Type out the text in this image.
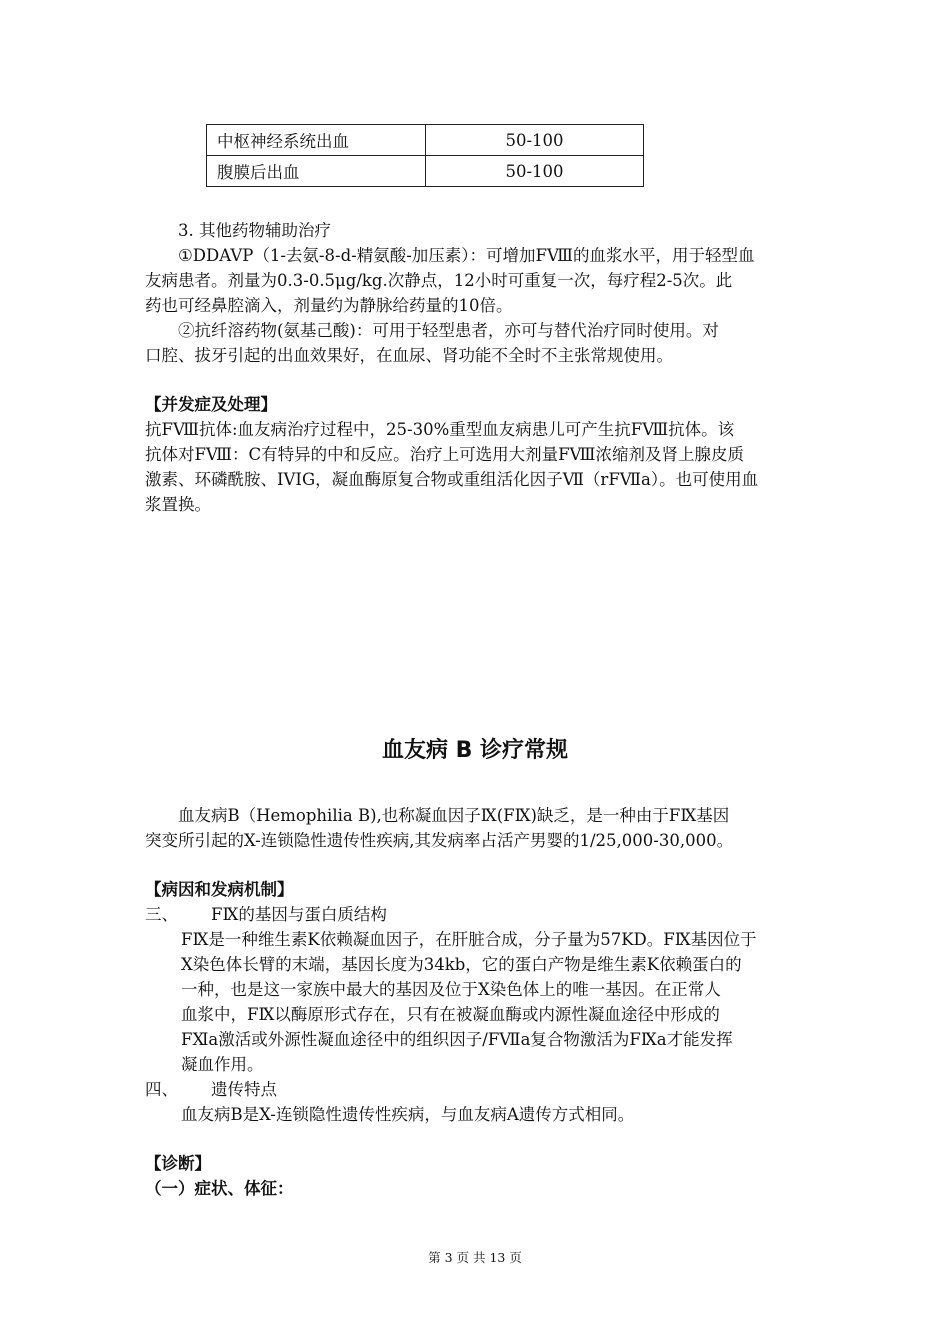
中枢神经系统出血	50-100
腹膜后出血	50-100

3. 其他药物辅助治疗

①DDAVP（1-去氨-8-d-精氨酸-加压素）：可增加FⅧ的血浆水平，用于轻型血

友病患者。剂量为0.3-0.5μg/kg.次静点，12小时可重复一次，每疗程2-5次。此

药也可经鼻腔滴入，剂量约为静脉给药量的10倍。

②抗纤溶药物(氨基己酸)：可用于轻型患者，亦可与替代治疗同时使用。对

口腔、拔牙引起的出血效果好，在血尿、肾功能不全时不主张常规使用。

【并发症及处理】

抗FⅧ抗体:血友病治疗过程中，25-30%重型血友病患儿可产生抗FⅧ抗体。该

抗体对FⅧ：C有特异的中和反应。治疗上可选用大剂量FⅧ浓缩剂及肾上腺皮质

激素、环磷酰胺、IVIG，凝血酶原复合物或重组活化因子Ⅶ（rFⅦa）。也可使用血

浆置换。

血友病 B 诊疗常规

血友病B（Hemophilia B),也称凝血因子Ⅸ(FⅨ)缺乏，是一种由于FⅨ基因

突变所引起的X-连锁隐性遗传性疾病,其发病率占活产男婴的1/25,000-30,000。

【病因和发病机制】

三、 FⅨ的基因与蛋白质结构

FⅨ是一种维生素K依赖凝血因子，在肝脏合成，分子量为57KD。FⅨ基因位于

X染色体长臂的末端，基因长度为34kb，它的蛋白产物是维生素K依赖蛋白的

一种，也是这一家族中最大的基因及位于X染色体上的唯一基因。在正常人

血浆中，FⅨ以酶原形式存在，只有在被凝血酶或内源性凝血途径中形成的

FⅪa激活或外源性凝血途径中的组织因子/FⅦa复合物激活为FⅨa才能发挥

凝血作用。

四、 遗传特点

血友病B是X-连锁隐性遗传性疾病，与血友病A遗传方式相同。

【诊断】

（一）症状、体征：

第 3 页 共 13 页
